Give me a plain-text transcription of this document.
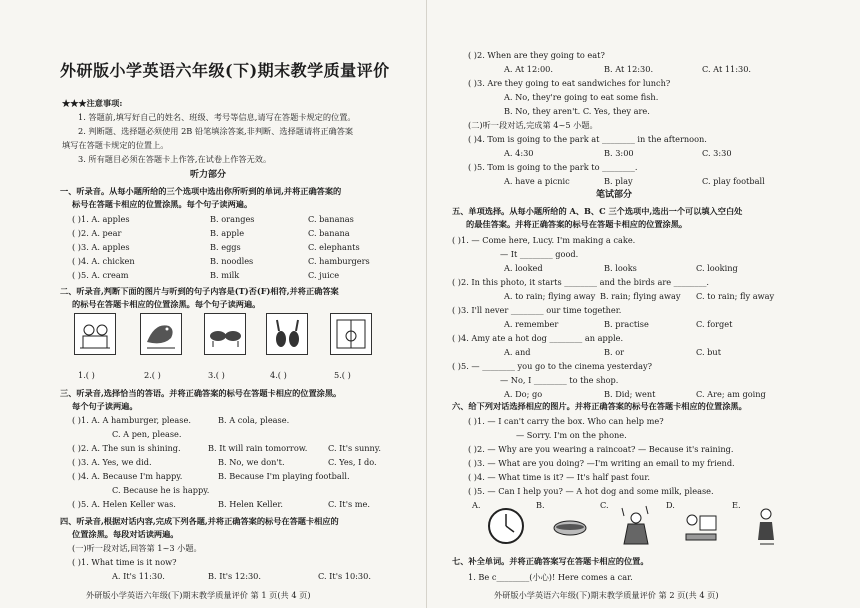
外研版小学英语六年级(下)期末教学质量评价
★★★注意事项:
1. 答题前,填写好自己的姓名、班级、考号等信息,请写在答题卡规定的位置。
2. 判断题、选择题必须使用 2B 铅笔填涂答案,非判断、选择题请将正确答案
填写在答题卡规定的位置上。
3. 所有题目必须在答题卡上作答,在试卷上作答无效。
听力部分
一、听录音。从每小题所给的三个选项中选出你所听到的单词,并将正确答案的
标号在答题卡相应的位置涂黑。每个句子读两遍。
( )1. A. apples	B. oranges	C. bananas
( )2. A. pear	B. apple	C. banana
( )3. A. apples	B. eggs	C. elephants
( )4. A. chicken	B. noodles	C. hamburgers
( )5. A. cream	B. milk	C. juice
二、听录音,判断下面的图片与听到的句子内容是(T)否(F)相符,并将正确答案
的标号在答题卡相应的位置涂黑。每个句子读两遍。
1.( )	2.( )	3.( )	4.( )	5.( )
三、听录音,选择恰当的答语。并将正确答案的标号在答题卡相应的位置涂黑。
每个句子读两遍。
( )1. A. A hamburger, please.	B. A cola, please.
C. A pen, please.
( )2. A. The sun is shining.	B. It will rain tomorrow.	C. It's sunny.
( )3. A. Yes, we did.	B. No, we don't.	C. Yes, I do.
( )4. A. Because I'm happy.	B. Because I'm playing football.
C. Because he is happy.
( )5. A. Helen Keller was.	B. Helen Keller.	C. It's me.
四、听录音,根据对话内容,完成下列各题,并将正确答案的标号在答题卡相应的
位置涂黑。每段对话读两遍。
(一)听一段对话,回答第 1~3 小题。
( )1. What time is it now?
A. It's 11:30.	B. It's 12:30.	C. It's 10:30.
外研版小学英语六年级(下)期末教学质量评价 第 1 页(共 4 页)
( )2. When are they going to eat?
A. At 12:00.	B. At 12:30.	C. At 11:30.
( )3. Are they going to eat sandwiches for lunch?
A. No, they're going to eat some fish.
B. No, they aren't. C. Yes, they are.
(二)听一段对话,完成第 4~5 小题。
( )4. Tom is going to the park at ________ in the afternoon.
A. 4:30	B. 3:00	C. 3:30
( )5. Tom is going to the park to ________.
A. have a picnic	B. play	C. play football
笔试部分
五、单项选择。从每小题所给的 A、B、C 三个选项中,选出一个可以填入空白处
的最佳答案。并将正确答案的标号在答题卡相应的位置涂黑。
( )1. — Come here, Lucy. I'm making a cake.
— It ________ good.
A. looked	B. looks	C. looking
( )2. In this photo, it starts ________ and the birds are ________.
A. to rain; flying away B. rain; flying away C. to rain; fly away
( )3. I'll never ________ our time together.
A. remember	B. practise	C. forget
( )4. Amy ate a hot dog ________ an apple.
A. and	B. or	C. but
( )5. — ________ you go to the cinema yesterday?
— No, I ________ to the shop.
A. Do; go	B. Did; went	C. Are; am going
六、给下列对话选择相应的图片。并将正确答案的标号在答题卡相应的位置涂黑。
( )1. — I can't carry the box. Who can help me?
— Sorry. I'm on the phone.
( )2. — Why are you wearing a raincoat? — Because it's raining.
( )3. — What are you doing? —I'm writing an email to my friend.
( )4. — What time is it? — It's half past four.
( )5. — Can I help you? — A hot dog and some milk, please.
A.	B.	C.	D.	E.
七、补全单词。并将正确答案写在答题卡相应的位置。
1. Be c________(小心)! Here comes a car.
外研版小学英语六年级(下)期末教学质量评价 第 2 页(共 4 页)
